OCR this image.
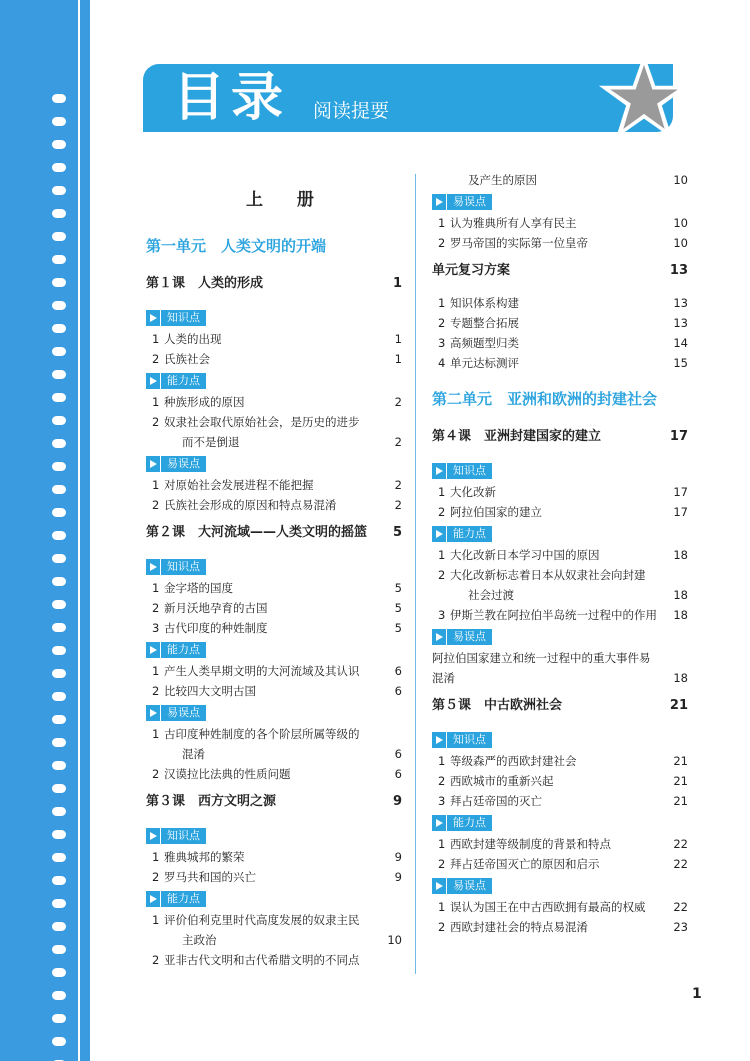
目录 阅读提要
上 册
第一单元　人类文明的开端
第１课　人类的形成	1
知识点
1 人类的出现	1
2 氏族社会	1
能力点
1 种族形成的原因	2
2 奴隶社会取代原始社会，是历史的进步
而不是倒退	2
易误点
1 对原始社会发展进程不能把握	2
2 氏族社会形成的原因和特点易混淆	2
第２课　大河流域——人类文明的摇篮	5
知识点
1 金字塔的国度	5
2 新月沃地孕育的古国	5
3 古代印度的种姓制度	5
能力点
1 产生人类早期文明的大河流域及其认识	6
2 比较四大文明古国	6
易误点
1 古印度种姓制度的各个阶层所属等级的
混淆	6
2 汉谟拉比法典的性质问题	6
第３课　西方文明之源	9
知识点
1 雅典城邦的繁荣	9
2 罗马共和国的兴亡	9
能力点
1 评价伯利克里时代高度发展的奴隶主民
主政治	10
2 亚非古代文明和古代希腊文明的不同点
及产生的原因	10
易误点
1 认为雅典所有人享有民主	10
2 罗马帝国的实际第一位皇帝	10
单元复习方案	13
1 知识体系构建	13
2 专题整合拓展	13
3 高频题型归类	14
4 单元达标测评	15
第二单元　亚洲和欧洲的封建社会
第４课　亚洲封建国家的建立	17
知识点
1 大化改新	17
2 阿拉伯国家的建立	17
能力点
1 大化改新日本学习中国的原因	18
2 大化改新标志着日本从奴隶社会向封建
社会过渡	18
3 伊斯兰教在阿拉伯半岛统一过程中的作用	18
易误点
阿拉伯国家建立和统一过程中的重大事件易
混淆	18
第５课　中古欧洲社会	21
知识点
1 等级森严的西欧封建社会	21
2 西欧城市的重新兴起	21
3 拜占廷帝国的灭亡	21
能力点
1 西欧封建等级制度的背景和特点	22
2 拜占廷帝国灭亡的原因和启示	22
易误点
1 误认为国王在中古西欧拥有最高的权威	22
2 西欧封建社会的特点易混淆	23
1
